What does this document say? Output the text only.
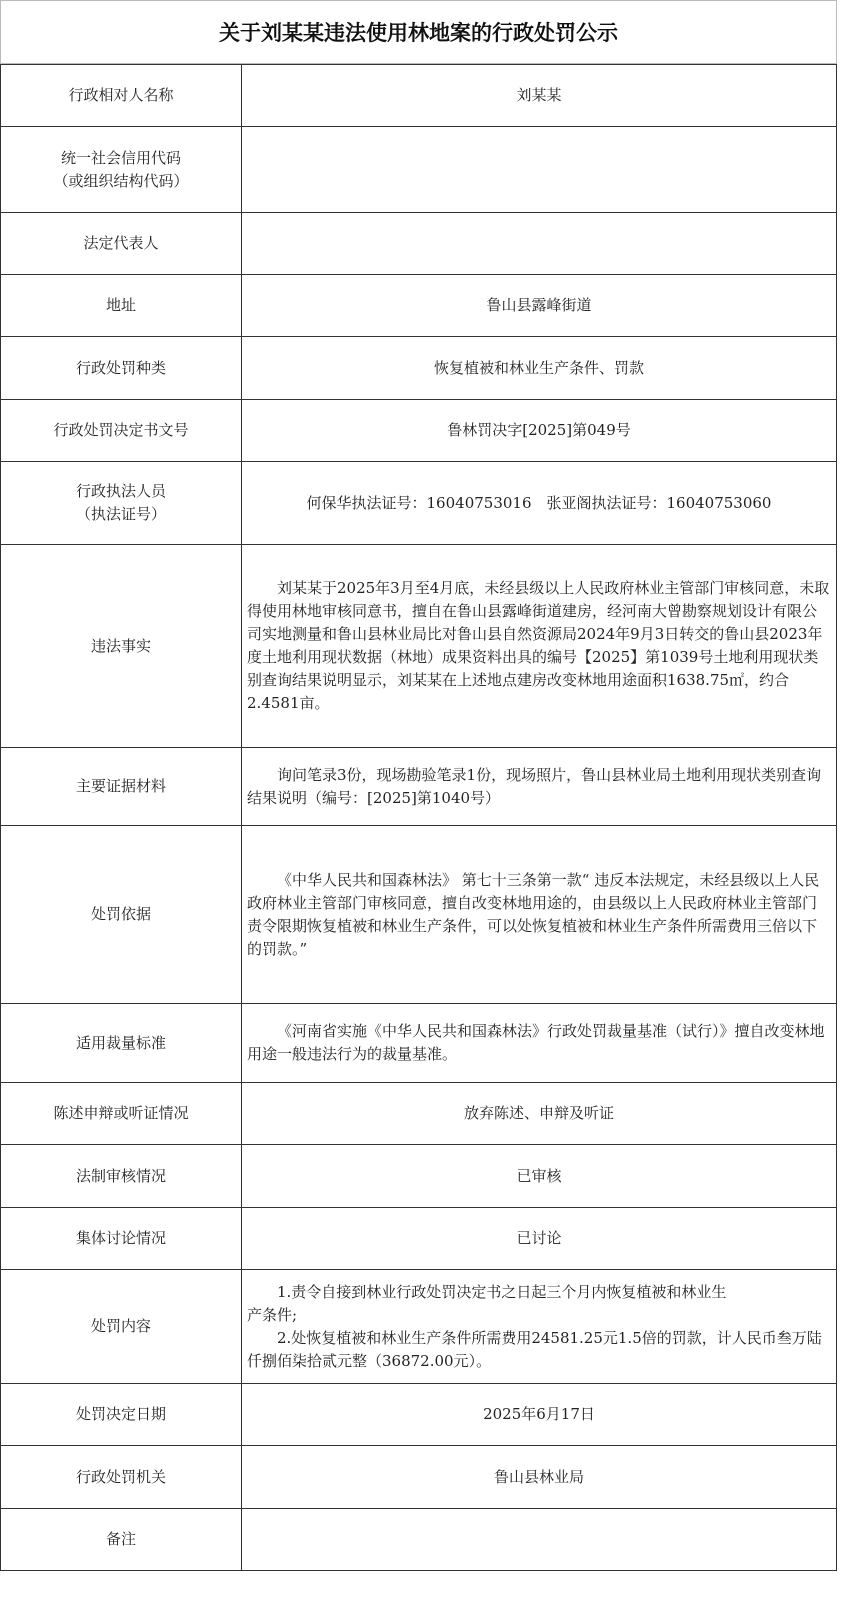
关于刘某某违法使用林地案的行政处罚公示
行政相对人名称	刘某某

统一社会信用代码
（或组织结构代码）	

法定代表人	
地址	鲁山县露峰街道
行政处罚种类	恢复植被和林业生产条件、罚款
行政处罚决定书文号	鲁林罚决字[2025]第049号

行政执法人员
（执法证号）	何保华执法证号：16040753016　张亚阁执法证号：16040753060
违法事实	刘某某于2025年3月至4月底，未经县级以上人民政府林业主管部门审核同意，未取得使用林地审核同意书，擅自在鲁山县露峰街道建房，经河南大曾勘察规划设计有限公司实地测量和鲁山县林业局比对鲁山县自然资源局2024年9月3日转交的鲁山县2023年度土地利用现状数据（林地）成果资料出具的编号【2025】第1039号土地利用现状类别查询结果说明显示，刘某某在上述地点建房改变林地用途面积1638.75㎡，约合2.4581亩。

主要证据材料	询问笔录3份，现场勘验笔录1份，现场照片，鲁山县林业局土地利用现状类别查询结果说明（编号：[2025]第1040号）

处罚依据	《中华人民共和国森林法》 第七十三条第一款“ 违反本法规定，未经县级以上人民政府林业主管部门审核同意，擅自改变林地用途的，由县级以上人民政府林业主管部门责令限期恢复植被和林业生产条件，可以处恢复植被和林业生产条件所需费用三倍以下的罚款。”

适用裁量标准	《河南省实施《中华人民共和国森林法》行政处罚裁量基准（试行）》擅自改变林地用途一般违法行为的裁量基准。

陈述申辩或听证情况	放弃陈述、申辩及听证
法制审核情况	已审核
集体讨论情况	已讨论
处罚内容	1.责令自接到林业行政处罚决定书之日起三个月内恢复植被和林业生　　　　　　　产条件;
2.处恢复植被和林业生产条件所需费用24581.25元1.5倍的罚款，计人民币叁万陆仟捌佰柒拾贰元整（36872.00元）。

处罚决定日期	2025年6月17日
行政处罚机关	鲁山县林业局
备注	
